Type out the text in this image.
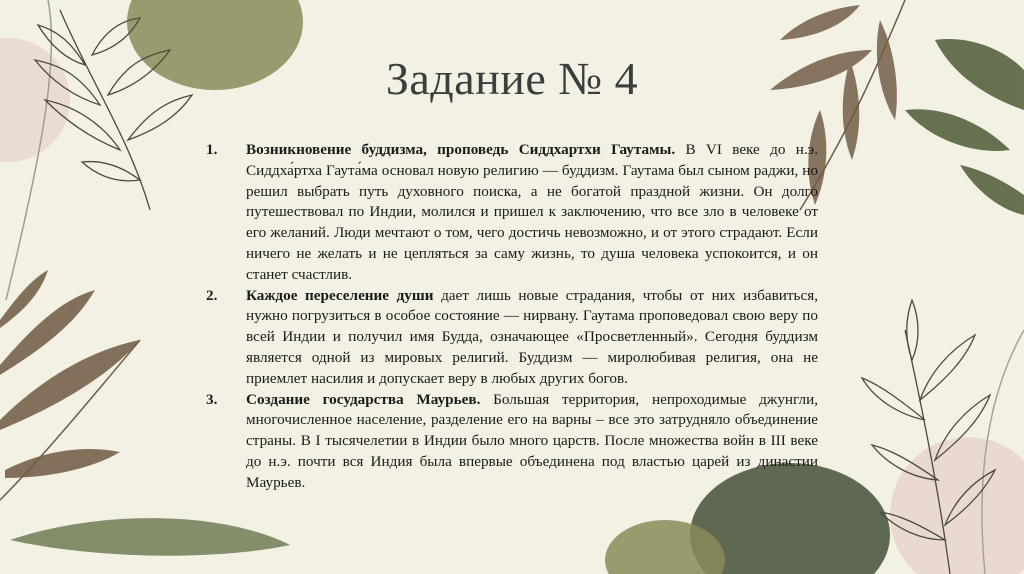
Задание № 4
1. Возникновение буддизма, проповедь Сиддхартхи Гаутамы. В VI веке до н.э. Сиддха́ртха Гаута́ма основал новую религию — буддизм. Гаутама был сыном раджи, но решил выбрать путь духовного поиска, а не богатой праздной жизни. Он долго путешествовал по Индии, молился и пришел к заключению, что все зло в человеке от его желаний. Люди мечтают о том, чего достичь невозможно, и от этого страдают. Если ничего не желать и не цепляться за саму жизнь, то душа человека успокоится, и он станет счастлив.
2. Каждое переселение души дает лишь новые страдания, чтобы от них избавиться, нужно погрузиться в особое состояние — нирвану. Гаутама проповедовал свою веру по всей Индии и получил имя Будда, означающее «Просветленный». Сегодня буддизм является одной из мировых религий. Буддизм — миролюбивая религия, она не приемлет насилия и допускает веру в любых других богов.
3. Создание государства Маурьев. Большая территория, непроходимые джунгли, многочисленное население, разделение его на варны – все это затрудняло объединение страны. В I тысячелетии в Индии было много царств. После множества войн в III веке до н.э. почти вся Индия была впервые объединена под властью царей из династии Маурьев.
